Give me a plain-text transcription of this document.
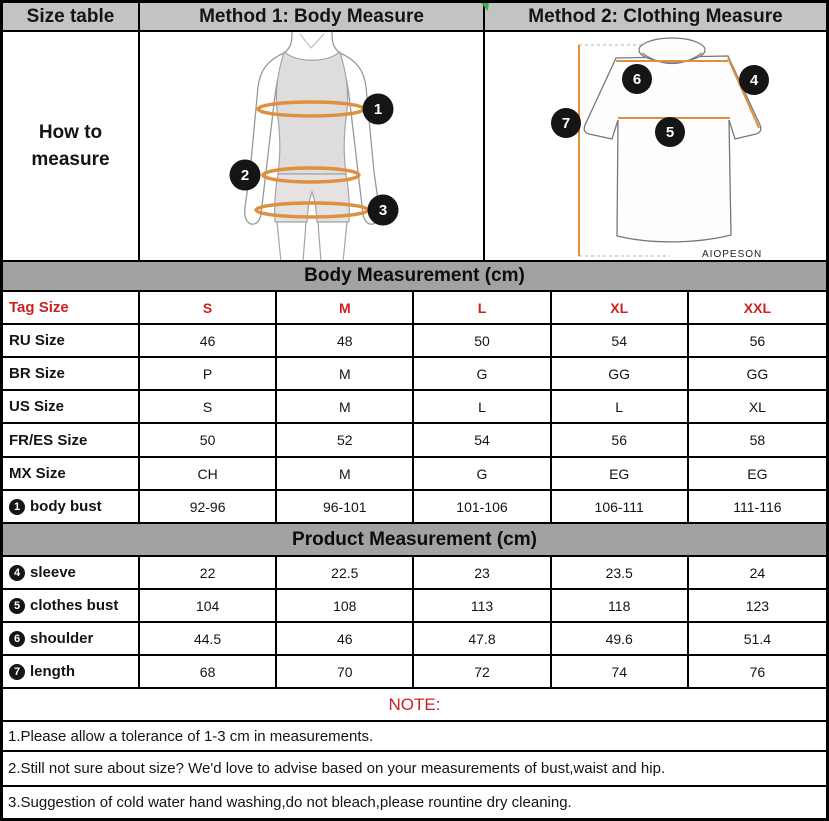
Size table	Method 1: Body Measure	Method 2: Clothing Measure
How to measure
1
2
3
6	4
7
5
AIOPESON
Body Measurement (cm)
Tag Size	S	M	L	XL	XXL
RU Size	46	48	50	54	56
BR Size	P	M	G	GG	GG
US Size	S	M	L	L	XL
FR/ES Size	50	52	54	56	58
MX Size	CH	M	G	EG	EG
1 body bust	92-96	96-101	101-106	106-111	111-116
Product Measurement (cm)
4 sleeve	22	22.5	23	23.5	24
5 clothes bust	104	108	113	118	123
6 shoulder	44.5	46	47.8	49.6	51.4
7 length	68	70	72	74	76
NOTE:
1.Please allow a tolerance of 1-3 cm in measurements.
2.Still not sure about size? We'd love to advise based on your measurements of bust,waist and hip.
3.Suggestion of cold water hand washing,do not bleach,please rountine dry cleaning.
